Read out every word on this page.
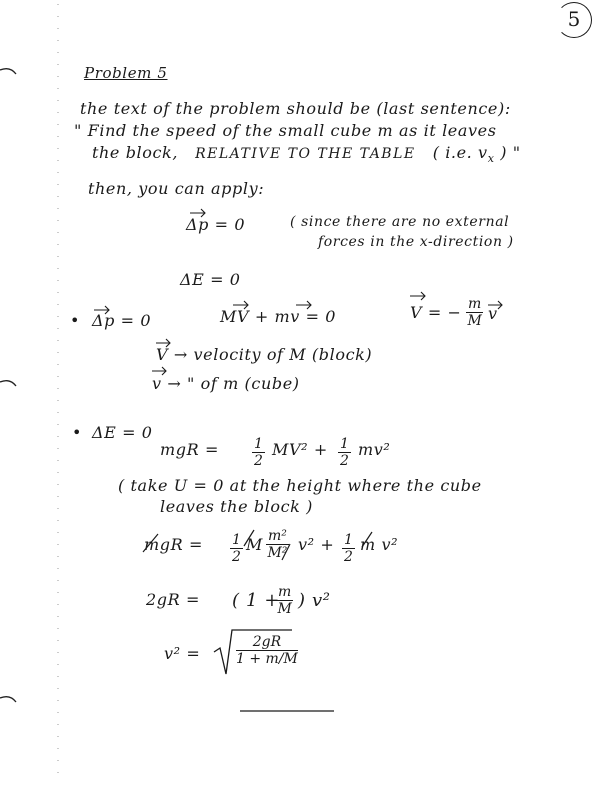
5
Problem 5
the text of the problem should be (last sentence):
" Find the speed of the small cube m as it leaves
the block, RELATIVE TO THE TABLE ( i.e. $v_x$ ) "
then, you can apply:
Δp = 0	( since there are no external
forces in the x-direction )
ΔE = 0
• Δp = 0	MV + mv = 0	V = − $\frac{m}{M}$ v
V → velocity of M (block)
v → " of m (cube)
• ΔE = 0
mgR = $\frac{1}{2} MV^2 + \frac{1}{2} mv^2$
( take U = 0 at the height where the cube
leaves the block )
mgR = $\frac{1}{2}$ M $\frac{\text{m²}}{\text{M²}} v^2 + \frac{1}{2}$ m v²
2gR = ( 1 +
$\frac{m}{M}$ ) v²
v² =	$\frac{2gR}{1 + m/M}$
